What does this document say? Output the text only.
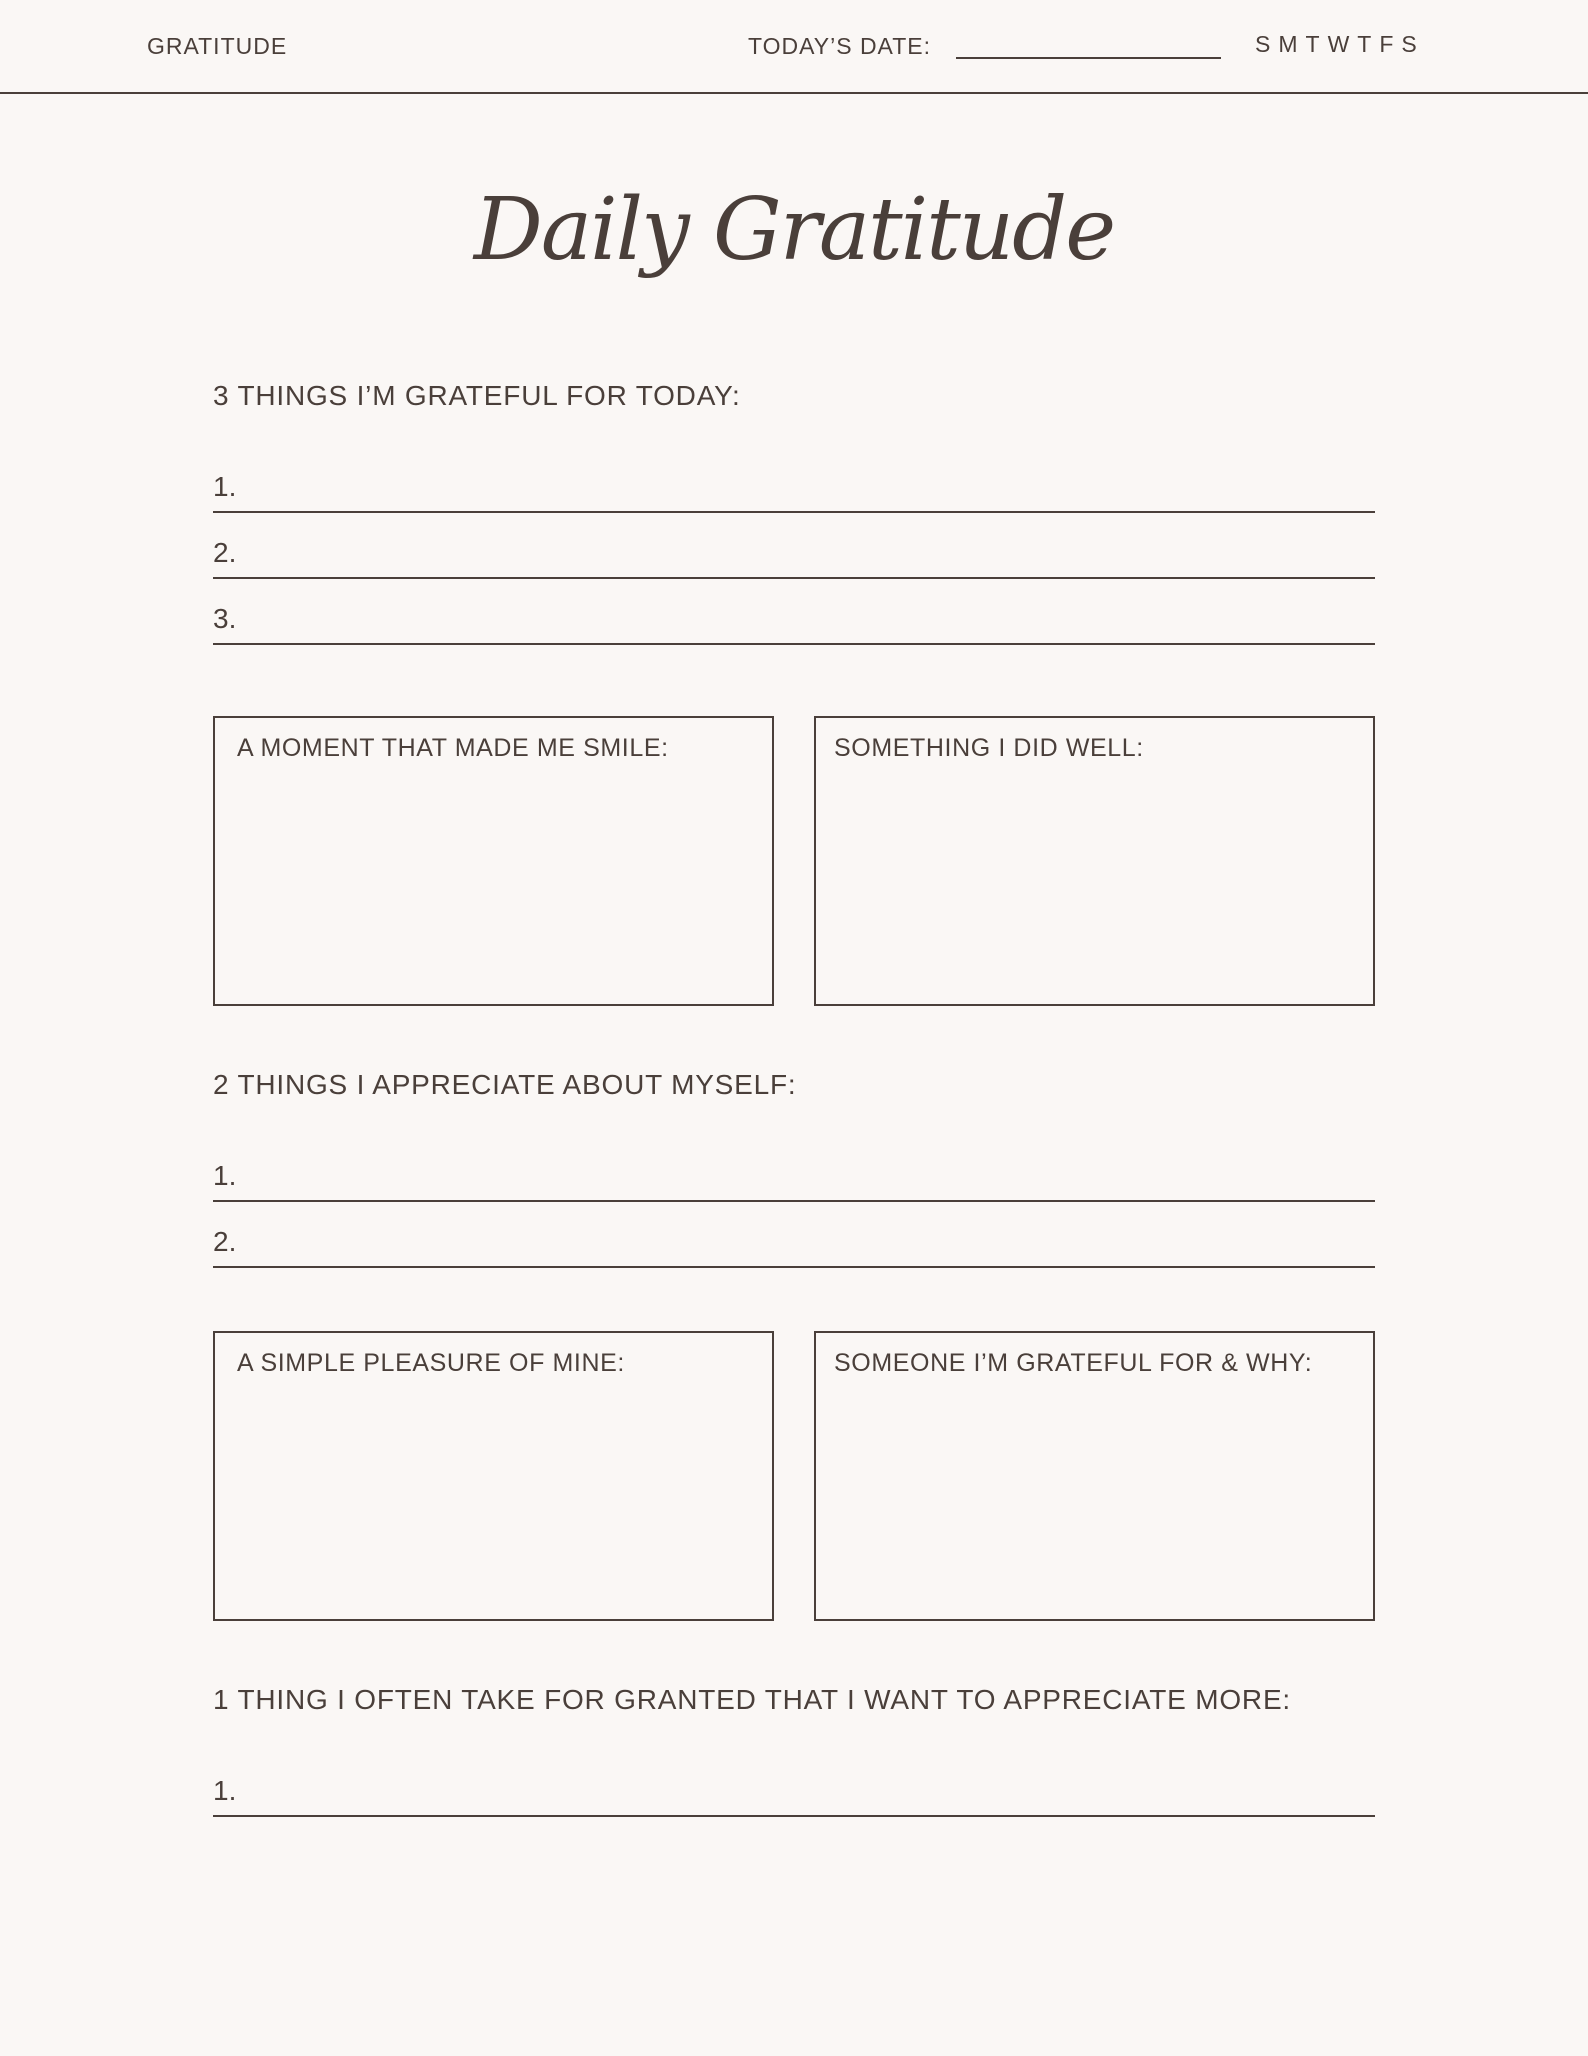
GRATITUDE	TODAY’S DATE:	S M T W T F S
Daily Gratitude
3 THINGS I’M GRATEFUL FOR TODAY:
1.
2.
3.
A MOMENT THAT MADE ME SMILE:	SOMETHING I DID WELL:
2 THINGS I APPRECIATE ABOUT MYSELF:
1.
2.
A SIMPLE PLEASURE OF MINE:	SOMEONE I’M GRATEFUL FOR & WHY:
1 THING I OFTEN TAKE FOR GRANTED THAT I WANT TO APPRECIATE MORE:
1.
